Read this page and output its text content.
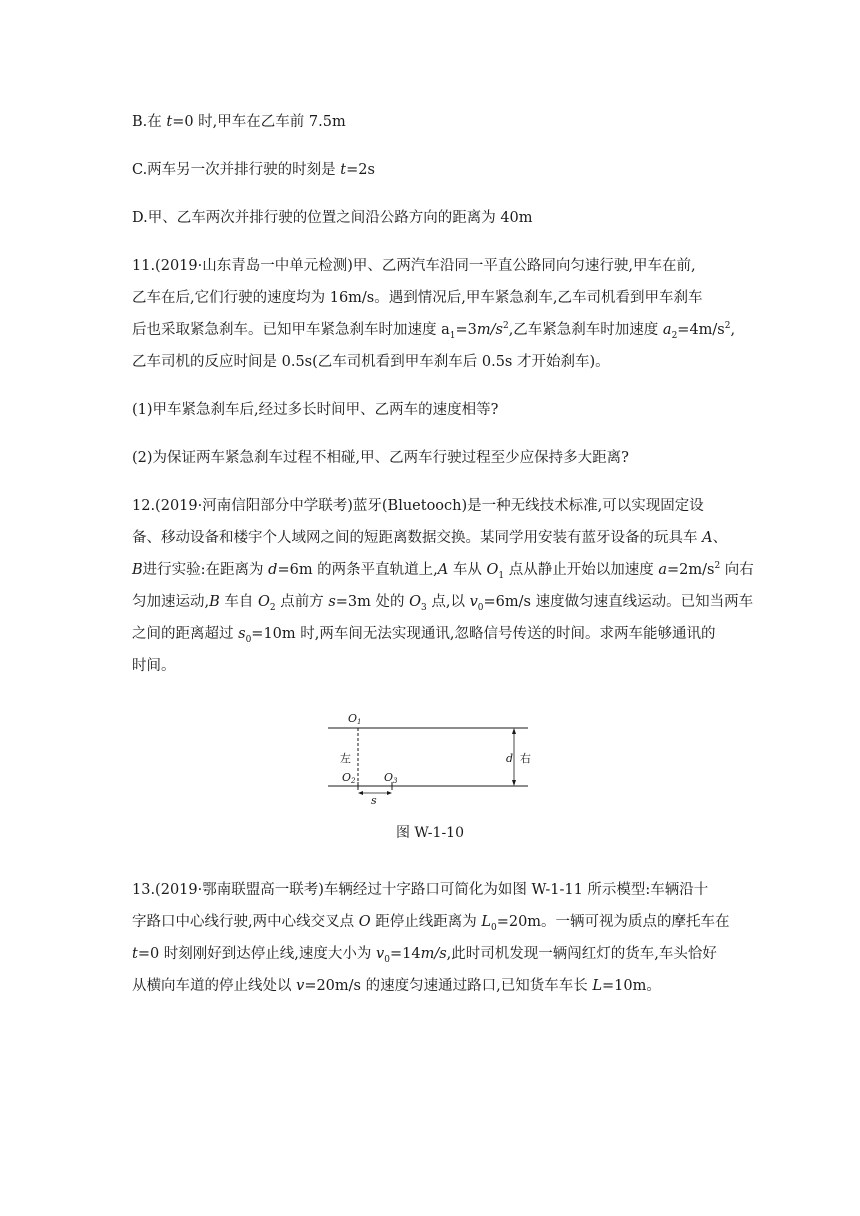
B.在 t=0 时,甲车在乙车前 7.5m
C.两车另一次并排行驶的时刻是 t=2s
D.甲、乙车两次并排行驶的位置之间沿公路方向的距离为 40m
11.(2019·山东青岛一中单元检测)甲、乙两汽车沿同一平直公路同向匀速行驶,甲车在前,
乙车在后,它们行驶的速度均为 16m/s。遇到情况后,甲车紧急刹车,乙车司机看到甲车刹车
后也采取紧急刹车。已知甲车紧急刹车时加速度 $a_1=3m/s^2$,乙车紧急刹车时加速度 $a_2=4m/s^2$,
乙车司机的反应时间是 0.5s(乙车司机看到甲车刹车后 0.5s 才开始刹车)。
(1)甲车紧急刹车后,经过多长时间甲、乙两车的速度相等?
(2)为保证两车紧急刹车过程不相碰,甲、乙两车行驶过程至少应保持多大距离?
12.(2019·河南信阳部分中学联考)蓝牙(Bluetooch)是一种无线技术标准,可以实现固定设
备、移动设备和楼宇个人域网之间的短距离数据交换。某同学用安装有蓝牙设备的玩具车 A、
B进行实验:在距离为 d=6m 的两条平直轨道上,A 车从 $O_1$ 点从静止开始以加速度 $a=2m/s^2$ 向右
匀加速运动,B 车自 $O_2$ 点前方 s=3m 处的 $O_3$ 点,以 $v_0=6m/s$ 速度做匀速直线运动。已知当两车
之间的距离超过 $s_0=10m$ 时,两车间无法实现通讯,忽略信号传送的时间。求两车能够通讯的
时间。
O1
O2	O3
左	右
d
s
图 W-1-10
13.(2019·鄂南联盟高一联考)车辆经过十字路口可简化为如图 W-1-11 所示模型:车辆沿十
字路口中心线行驶,两中心线交叉点 O 距停止线距离为 $L_0=20m$。一辆可视为质点的摩托车在
t=0 时刻刚好到达停止线,速度大小为 $v_0=14m/s$,此时司机发现一辆闯红灯的货车,车头恰好
从横向车道的停止线处以 v=20m/s 的速度匀速通过路口,已知货车车长 L=10m。
